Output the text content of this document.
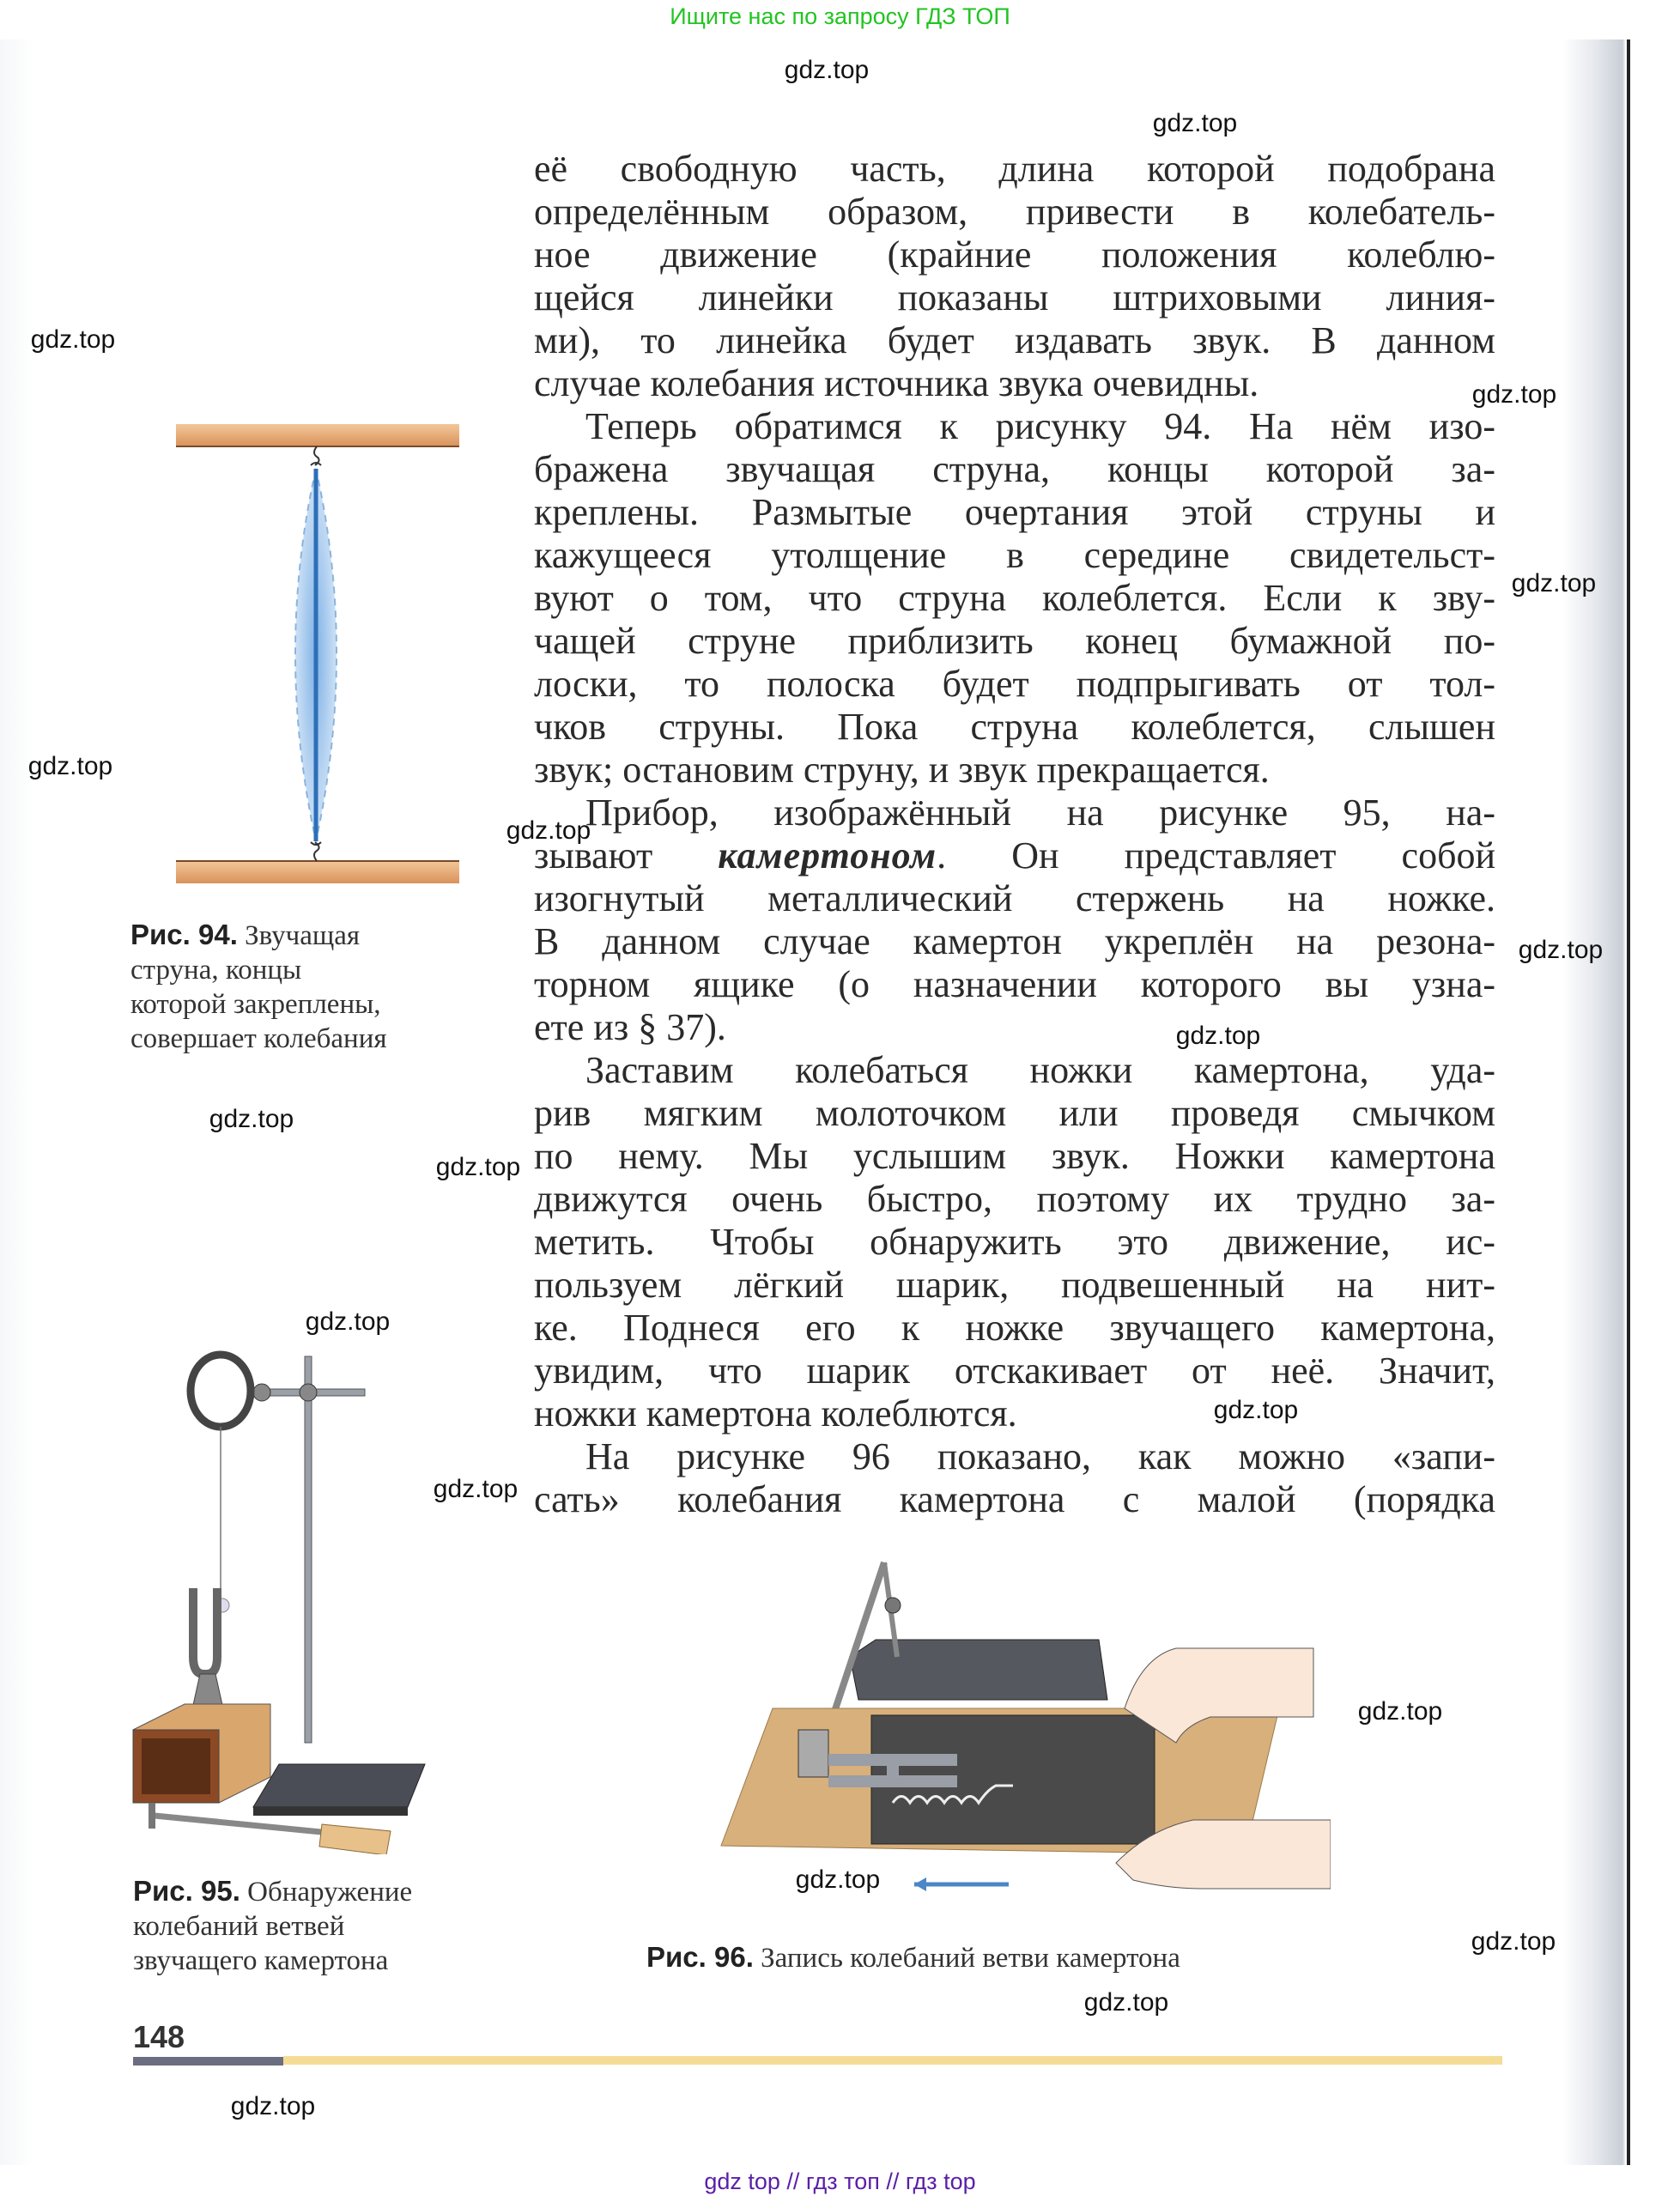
Ищите нас по запросу ГДЗ ТОП
её свободную часть, длина которой подобрана
определённым образом, привести в колебатель-
ное движение (крайние положения колеблю-
щейся линейки показаны штриховыми линия-
ми), то линейка будет издавать звук. В данном
случае колебания источника звука очевидны.
Теперь обратимся к рисунку 94. На нём изо-
бражена звучащая струна, концы которой за-
креплены. Размытые очертания этой струны и
кажущееся утолщение в середине свидетельст-
вуют о том, что струна колеблется. Если к зву-
чащей струне приблизить конец бумажной по-
лоски, то полоска будет подпрыгивать от тол-
чков струны. Пока струна колеблется, слышен
звук; остановим струну, и звук прекращается.
Прибор, изображённый на рисунке 95, на-
зывают камертоном. Он представляет собой
изогнутый металлический стержень на ножке.
В данном случае камертон укреплён на резона-
торном ящике (о назначении которого вы узна-
ете из § 37).
Заставим колебаться ножки камертона, уда-
рив мягким молоточком или проведя смычком
по нему. Мы услышим звук. Ножки камертона
движутся очень быстро, поэтому их трудно за-
метить. Чтобы обнаружить это движение, ис-
пользуем лёгкий шарик, подвешенный на нит-
ке. Поднеся его к ножке звучащего камертона,
увидим, что шарик отскакивает от неё. Значит,
ножки камертона колеблются.
На рисунке 96 показано, как можно «запи-
сать» колебания камертона с малой (порядка
Рис. 94. Звучащая
струна, концы
которой закреплены,
совершает колебания
Рис. 95. Обнаружение
колебаний ветвей
звучащего камертона	Рис. 96. Запись колебаний ветви камертона
148
gdz.top
gdz.top
gdz.top
gdz.top
gdz.top
gdz.top
gdz.top
gdz.top
gdz.top
gdz.top
gdz.top
gdz.top
gdz.top
gdz.top
gdz.top
gdz.top
gdz.top
gdz.top
gdz.top
gdz top // гдз топ // гдз top
